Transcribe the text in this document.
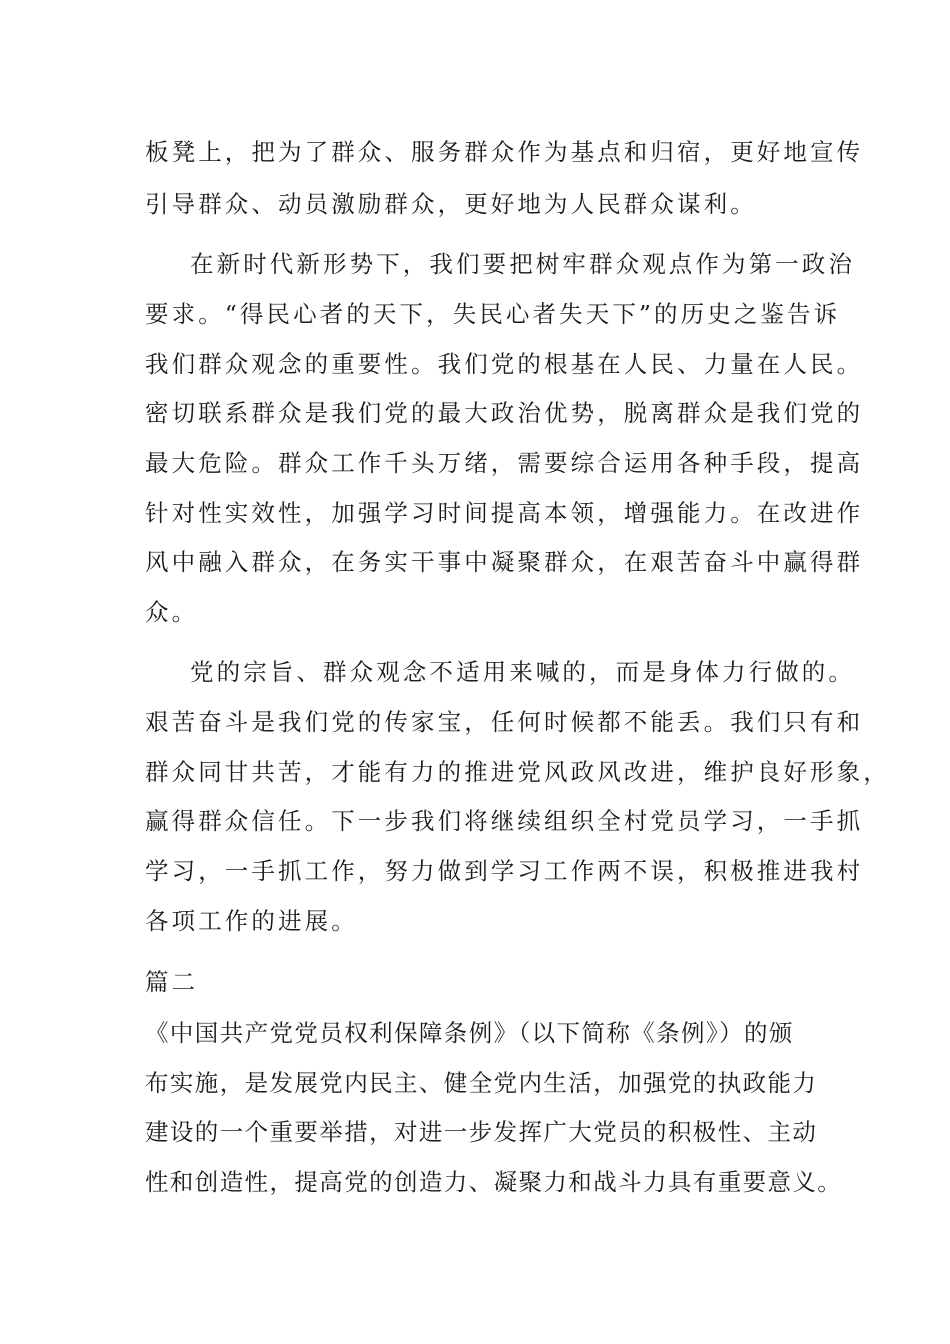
板凳上，把为了群众、服务群众作为基点和归宿，更好地宣传
引导群众、动员激励群众，更好地为人民群众谋利。
在新时代新形势下，我们要把树牢群众观点作为第一政治
要求。“得民心者的天下，失民心者失天下”的历史之鉴告诉
我们群众观念的重要性。我们党的根基在人民、力量在人民。
密切联系群众是我们党的最大政治优势，脱离群众是我们党的
最大危险。群众工作千头万绪，需要综合运用各种手段，提高
针对性实效性，加强学习时间提高本领，增强能力。在改进作
风中融入群众，在务实干事中凝聚群众，在艰苦奋斗中赢得群
众。
党的宗旨、群众观念不适用来喊的，而是身体力行做的。
艰苦奋斗是我们党的传家宝，任何时候都不能丢。我们只有和
群众同甘共苦，才能有力的推进党风政风改进，维护良好形象，
赢得群众信任。下一步我们将继续组织全村党员学习，一手抓
学习，一手抓工作，努力做到学习工作两不误，积极推进我村
各项工作的进展。
篇二
《中国共产党党员权利保障条例》（以下简称《条例》）的颁
布实施，是发展党内民主、健全党内生活，加强党的执政能力
建设的一个重要举措，对进一步发挥广大党员的积极性、主动
性和创造性，提高党的创造力、凝聚力和战斗力具有重要意义。
